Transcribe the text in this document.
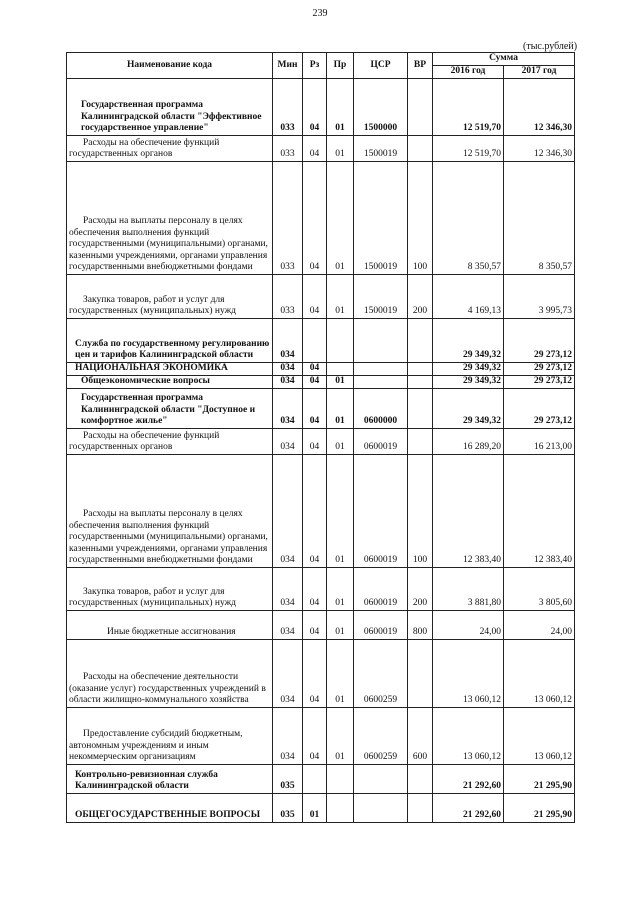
239
(тыс.рублей)
Наименование кода	Мин	Рз	Пр	ЦСР	ВР	Сумма	
						2016 год	2017 год
Государственная программа Калининградской области "Эффективное государственное управление"	033	04	01	1500000		12 519,70	12 346,30
Расходы на обеспечение функций государственных органов	033	04	01	1500019		12 519,70	12 346,30
Расходы на выплаты персоналу в целях обеспечения выполнения функций государственными (муниципальными) органами, казенными учреждениями, органами управления государственными внебюджетными фондами	033	04	01	1500019	100	8 350,57	8 350,57
Закупка товаров, работ и услуг для государственных (муниципальных) нужд	033	04	01	1500019	200	4 169,13	3 995,73
Служба по государственному регулированию цен и тарифов Калининградской области	034					29 349,32	29 273,12
НАЦИОНАЛЬНАЯ ЭКОНОМИКА	034	04				29 349,32	29 273,12
Общеэкономические вопросы	034	04	01			29 349,32	29 273,12
Государственная программа Калининградской области "Доступное и комфортное жилье"	034	04	01	0600000		29 349,32	29 273,12
Расходы на обеспечение функций государственных органов	034	04	01	0600019		16 289,20	16 213,00
Расходы на выплаты персоналу в целях обеспечения выполнения функций государственными (муниципальными) органами, казенными учреждениями, органами управления государственными внебюджетными фондами	034	04	01	0600019	100	12 383,40	12 383,40
Закупка товаров, работ и услуг для государственных (муниципальных) нужд	034	04	01	0600019	200	3 881,80	3 805,60
Иные бюджетные ассигнования	034	04	01	0600019	800	24,00	24,00
Расходы на обеспечение деятельности (оказание услуг) государственных учреждений в области жилищно-коммунального хозяйства	034	04	01	0600259		13 060,12	13 060,12
Предоставление субсидий бюджетным, автономным учреждениям и иным некоммерческим организациям	034	04	01	0600259	600	13 060,12	13 060,12
Контрольно-ревизионная служба Калининградской области	035					21 292,60	21 295,90
ОБЩЕГОСУДАРСТВЕННЫЕ ВОПРОСЫ	035	01				21 292,60	21 295,90
